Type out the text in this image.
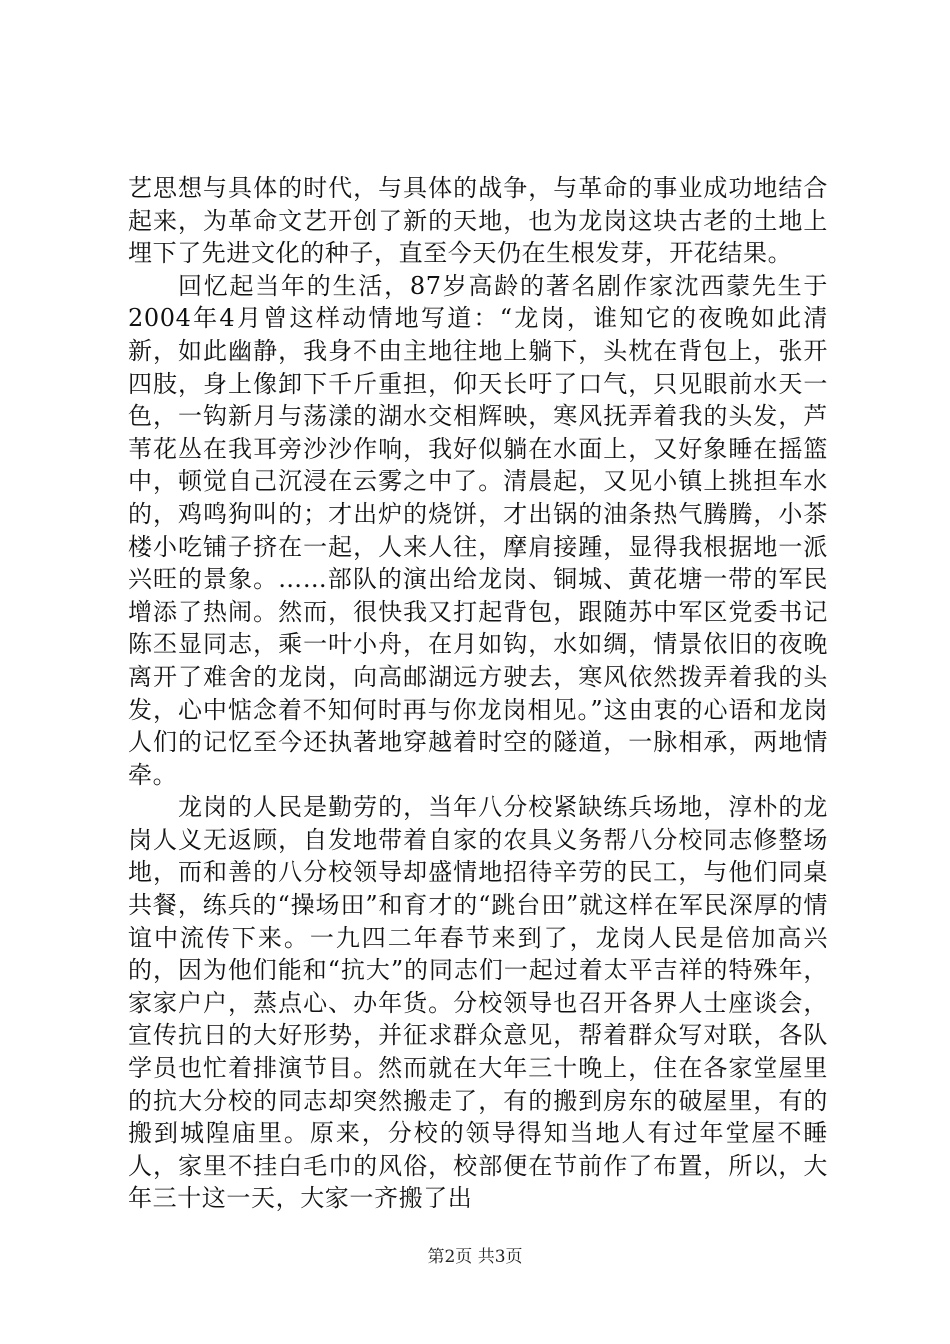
艺思想与具体的时代，与具体的战争，与革命的事业成功地结合起来，为革命文艺开创了新的天地，也为龙岗这块古老的土地上埋下了先进文化的种子，直至今天仍在生根发芽，开花结果。

回忆起当年的生活，87岁高龄的著名剧作家沈西蒙先生于2004年4月曾这样动情地写道：“龙岗，谁知它的夜晚如此清新，如此幽静，我身不由主地往地上躺下，头枕在背包上，张开四肢，身上像卸下千斤重担，仰天长吁了口气，只见眼前水天一色，一钩新月与荡漾的湖水交相辉映，寒风抚弄着我的头发，芦苇花丛在我耳旁沙沙作响，我好似躺在水面上，又好象睡在摇篮中，顿觉自己沉浸在云雾之中了。清晨起，又见小镇上挑担车水的，鸡鸣狗叫的；才出炉的烧饼，才出锅的油条热气腾腾，小茶楼小吃铺子挤在一起，人来人往，摩肩接踵，显得我根据地一派兴旺的景象。……部队的演出给龙岗、铜城、黄花塘一带的军民增添了热闹。然而，很快我又打起背包，跟随苏中军区党委书记陈丕显同志，乘一叶小舟，在月如钩，水如绸，情景依旧的夜晚离开了难舍的龙岗，向高邮湖远方驶去，寒风依然拨弄着我的头发，心中惦念着不知何时再与你龙岗相见。”这由衷的心语和龙岗人们的记忆至今还执著地穿越着时空的隧道，一脉相承，两地情牵。

龙岗的人民是勤劳的，当年八分校紧缺练兵场地，淳朴的龙岗人义无返顾，自发地带着自家的农具义务帮八分校同志修整场地，而和善的八分校领导却盛情地招待辛劳的民工，与他们同桌共餐，练兵的“操场田”和育才的“跳台田”就这样在军民深厚的情谊中流传下来。一九四二年春节来到了，龙岗人民是倍加高兴的，因为他们能和“抗大”的同志们一起过着太平吉祥的特殊年，家家户户，蒸点心、办年货。分校领导也召开各界人士座谈会，宣传抗日的大好形势，并征求群众意见，帮着群众写对联，各队学员也忙着排演节目。然而就在大年三十晚上，住在各家堂屋里的抗大分校的同志却突然搬走了，有的搬到房东的破屋里，有的搬到城隍庙里。原来，分校的领导得知当地人有过年堂屋不睡人，家里不挂白毛巾的风俗，校部便在节前作了布置，所以，大年三十这一天，大家一齐搬了出

第2页 共3页
